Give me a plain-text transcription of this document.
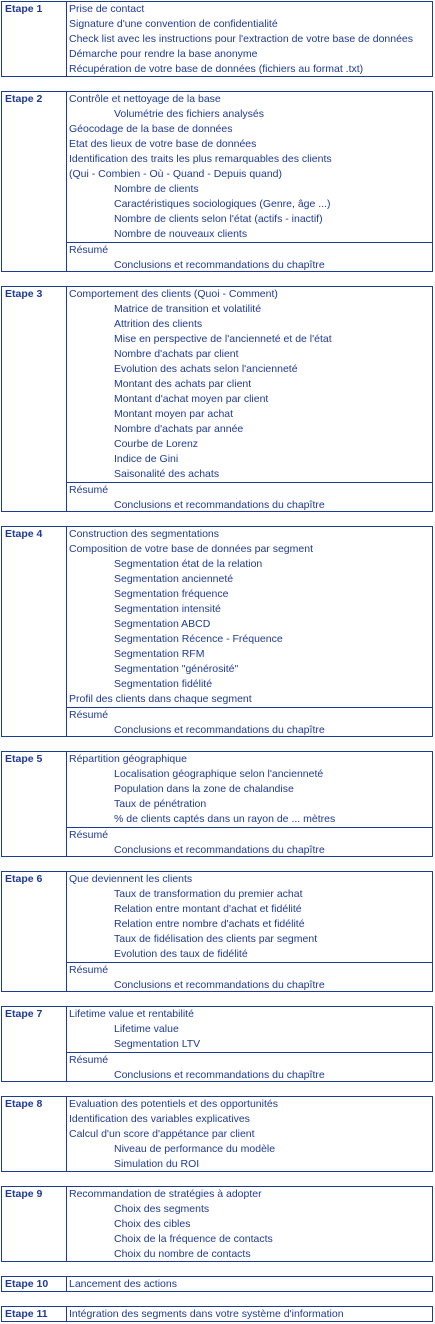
Etape 1	Prise de contact
Signature d'une convention de confidentialité
Check list avec les instructions pour l'extraction de votre base de données
Démarche pour rendre la base anonyme
Récupération de votre base de données (fichiers au format .txt)
Etape 2	Contrôle et nettoyage de la base
Volumétrie des fichiers analysés
Géocodage de la base de données
Etat des lieux de votre base de données
Identification des traits les plus remarquables des clients
(Qui - Combien - Où - Quand - Depuis quand)
Nombre de clients
Caractéristiques sociologiques (Genre, âge ...)
Nombre de clients selon l'état (actifs - inactif)
Nombre de nouveaux clients
Résumé
Conclusions et recommandations du chapître
Etape 3	Comportement des clients (Quoi - Comment)
Matrice de transition et volatilité
Attrition des clients
Mise en perspective de l'ancienneté et de l'état
Nombre d'achats par client
Evolution des achats selon l'ancienneté
Montant des achats par client
Montant d'achat moyen par client
Montant moyen par achat
Nombre d'achats par année
Courbe de Lorenz
Indice de Gini
Saisonalité des achats
Résumé
Conclusions et recommandations du chapître
Etape 4	Construction des segmentations
Composition de votre base de données par segment
Segmentation état de la relation
Segmentation ancienneté
Segmentation fréquence
Segmentation intensité
Segmentation ABCD
Segmentation Récence - Fréquence
Segmentation RFM
Segmentation "générosité"
Segmentation fidélité
Profil des clients dans chaque segment
Résumé
Conclusions et recommandations du chapître
Etape 5	Répartition géographique
Localisation géographique selon l'ancienneté
Population dans la zone de chalandise
Taux de pénétration
% de clients captés dans un rayon de ... mètres
Résumé
Conclusions et recommandations du chapître
Etape 6	Que deviennent les clients
Taux de transformation du premier achat
Relation entre montant d'achat et fidélité
Relation entre nombre d'achats et fidélité
Taux de fidélisation des clients par segment
Evolution des taux de fidélité
Résumé
Conclusions et recommandations du chapître
Etape 7	Lifetime value et rentabilité
Lifetime value
Segmentation LTV
Résumé
Conclusions et recommandations du chapître
Etape 8	Evaluation des potentiels et des opportunités
Identification des variables explicatives
Calcul d'un score d'appétance par client
Niveau de performance du modèle
Simulation du ROI
Etape 9	Recommandation de stratégies à adopter
Choix des segments
Choix des cibles
Choix de la fréquence de contacts
Choix du nombre de contacts
Etape 10	Lancement des actions
Etape 11	Intégration des segments dans votre système d'information
